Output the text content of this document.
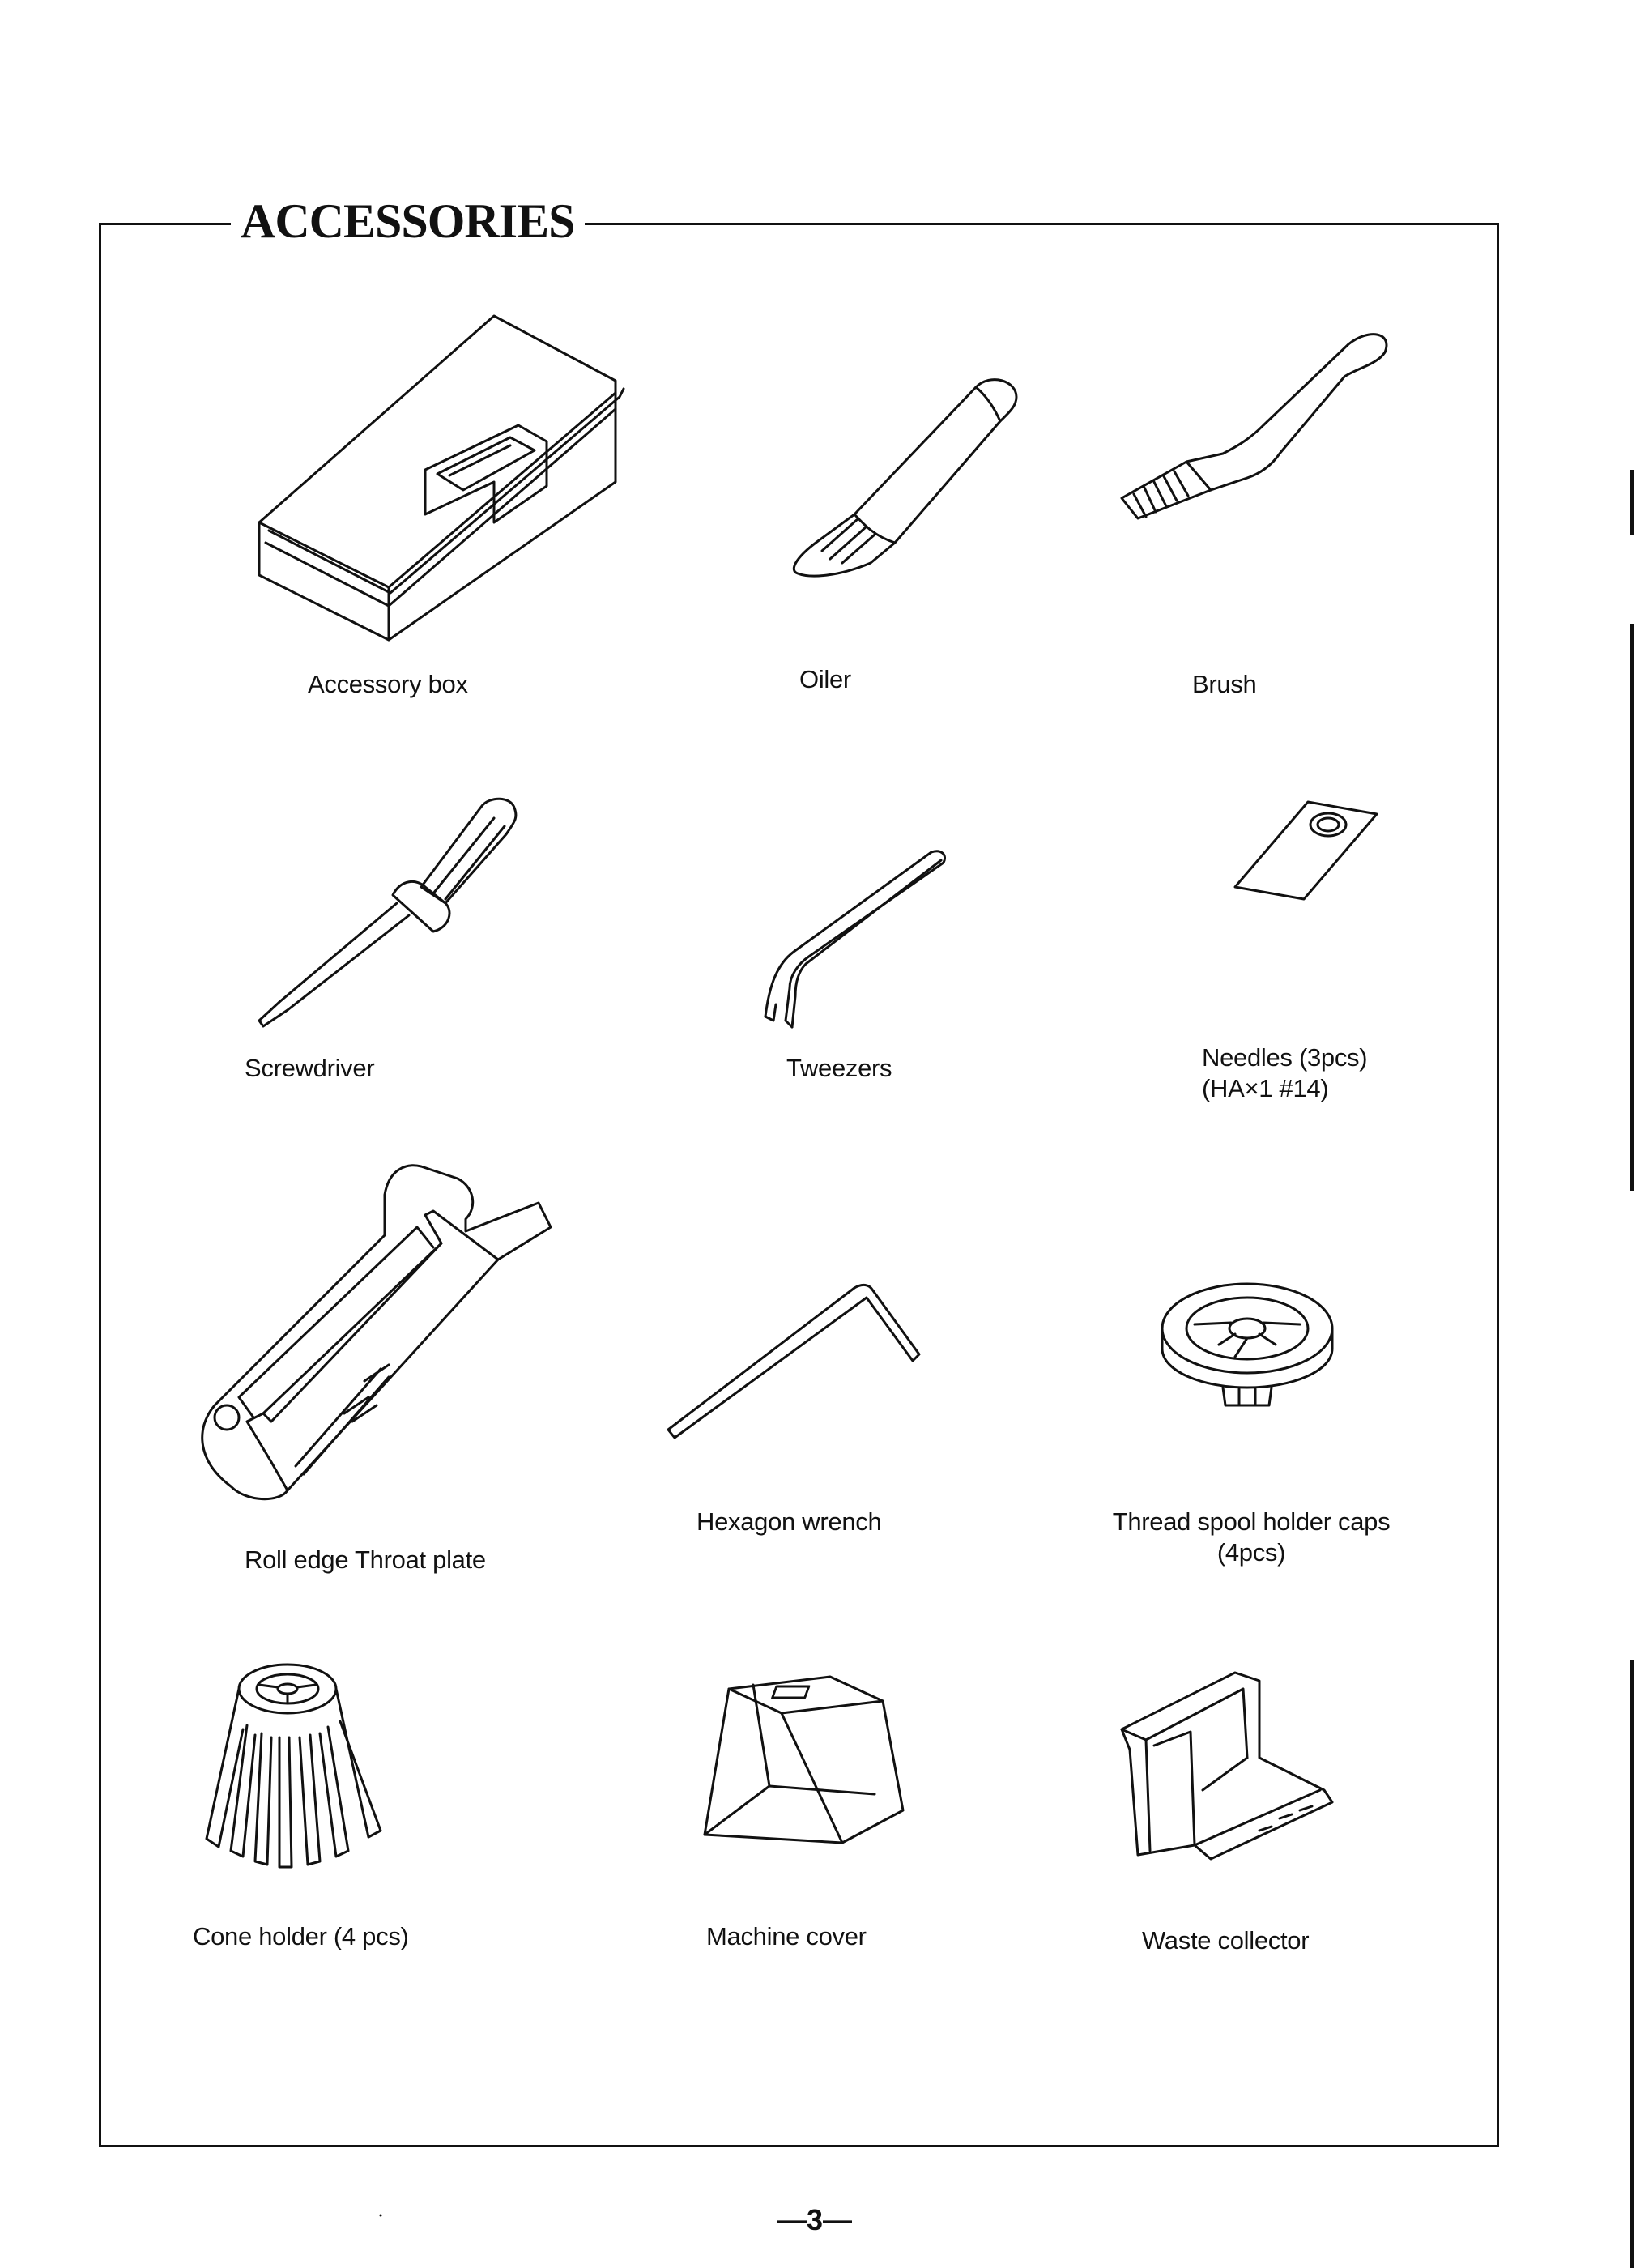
ACCESSORIES
Accessory box	Oiler	Brush
Screwdriver	Tweezers	Needles (3pcs)
(HA×1 #14)
Roll edge Throat plate
Hexagon wrench	Thread spool holder caps
(4pcs)
Cone holder (4 pcs)	Machine cover	Waste collector
—3—
